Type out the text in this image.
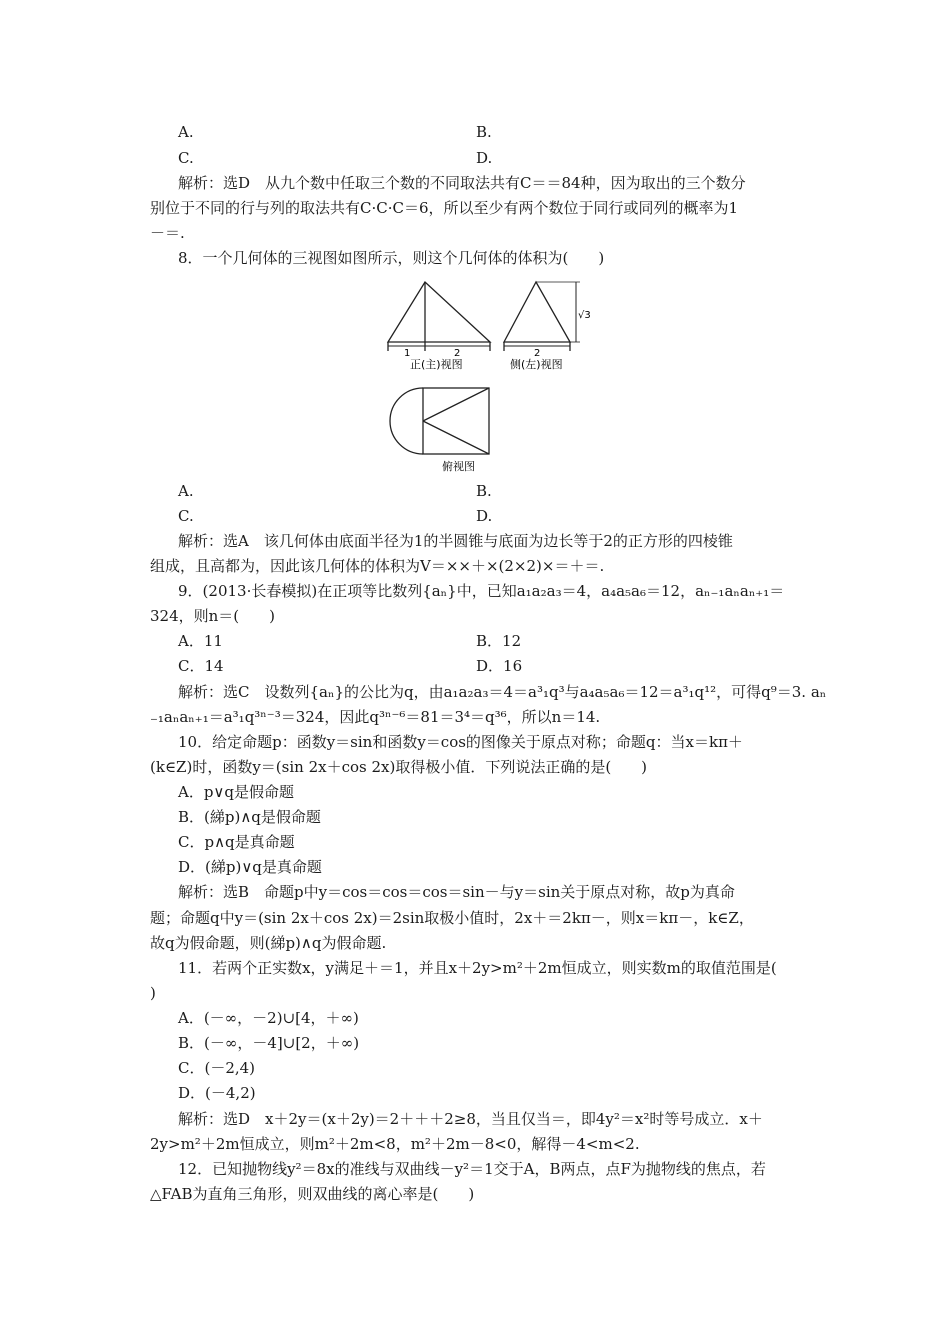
A.	B.
C.	D.
解析：选D　从九个数中任取三个数的不同取法共有C＝＝84种，因为取出的三个数分
别位于不同的行与列的取法共有C·C·C＝6，所以至少有两个数位于同行或同列的概率为1
－＝.
8．一个几何体的三视图如图所示，则这个几何体的体积为(　　)
1	2
正(主)视图
√3
2
侧(左)视图
俯视图
A.	B.
C.	D.
解析：选A　该几何体由底面半径为1的半圆锥与底面为边长等于2的正方形的四棱锥
组成，且高都为，因此该几何体的体积为V＝××＋×(2×2)×＝＋＝.
9．(2013·长春模拟)在正项等比数列{aₙ}中，已知a₁a₂a₃＝4，a₄a₅a₆＝12，aₙ₋₁aₙaₙ₊₁＝
324，则n＝(　　)
A．11	B．12
C．14	D．16
解析：选C　设数列{aₙ}的公比为q，由a₁a₂a₃＝4＝a³₁q³与a₄a₅a₆＝12＝a³₁q¹²，可得q⁹＝3. aₙ
₋₁aₙaₙ₊₁＝a³₁q³ⁿ⁻³＝324，因此q³ⁿ⁻⁶＝81＝3⁴＝q³⁶，所以n＝14.
10．给定命题p：函数y＝sin和函数y＝cos的图像关于原点对称；命题q：当x＝kπ＋
(k∈Z)时，函数y＝(sin 2x＋cos 2x)取得极小值．下列说法正确的是(　　)
A．p∨q是假命题
B．(綈p)∧q是假命题
C．p∧q是真命题
D．(綈p)∨q是真命题
解析：选B　命题p中y＝cos＝cos＝cos＝sin－与y＝sin关于原点对称，故p为真命
题；命题q中y＝(sin 2x＋cos 2x)＝2sin取极小值时，2x＋＝2kπ－，则x＝kπ－，k∈Z，
故q为假命题，则(綈p)∧q为假命题.
11．若两个正实数x，y满足＋＝1，并且x＋2y>m²＋2m恒成立，则实数m的取值范围是(
)
A．(－∞，－2)∪[4，＋∞)
B．(－∞，－4]∪[2，＋∞)
C．(－2,4)
D．(－4,2)
解析：选D　x＋2y＝(x＋2y)＝2＋＋＋2≥8，当且仅当＝，即4y²＝x²时等号成立．x＋
2y>m²＋2m恒成立，则m²＋2m<8，m²＋2m－8<0，解得－4<m<2.
12．已知抛物线y²＝8x的准线与双曲线－y²＝1交于A，B两点，点F为抛物线的焦点，若
△FAB为直角三角形，则双曲线的离心率是(　　)
